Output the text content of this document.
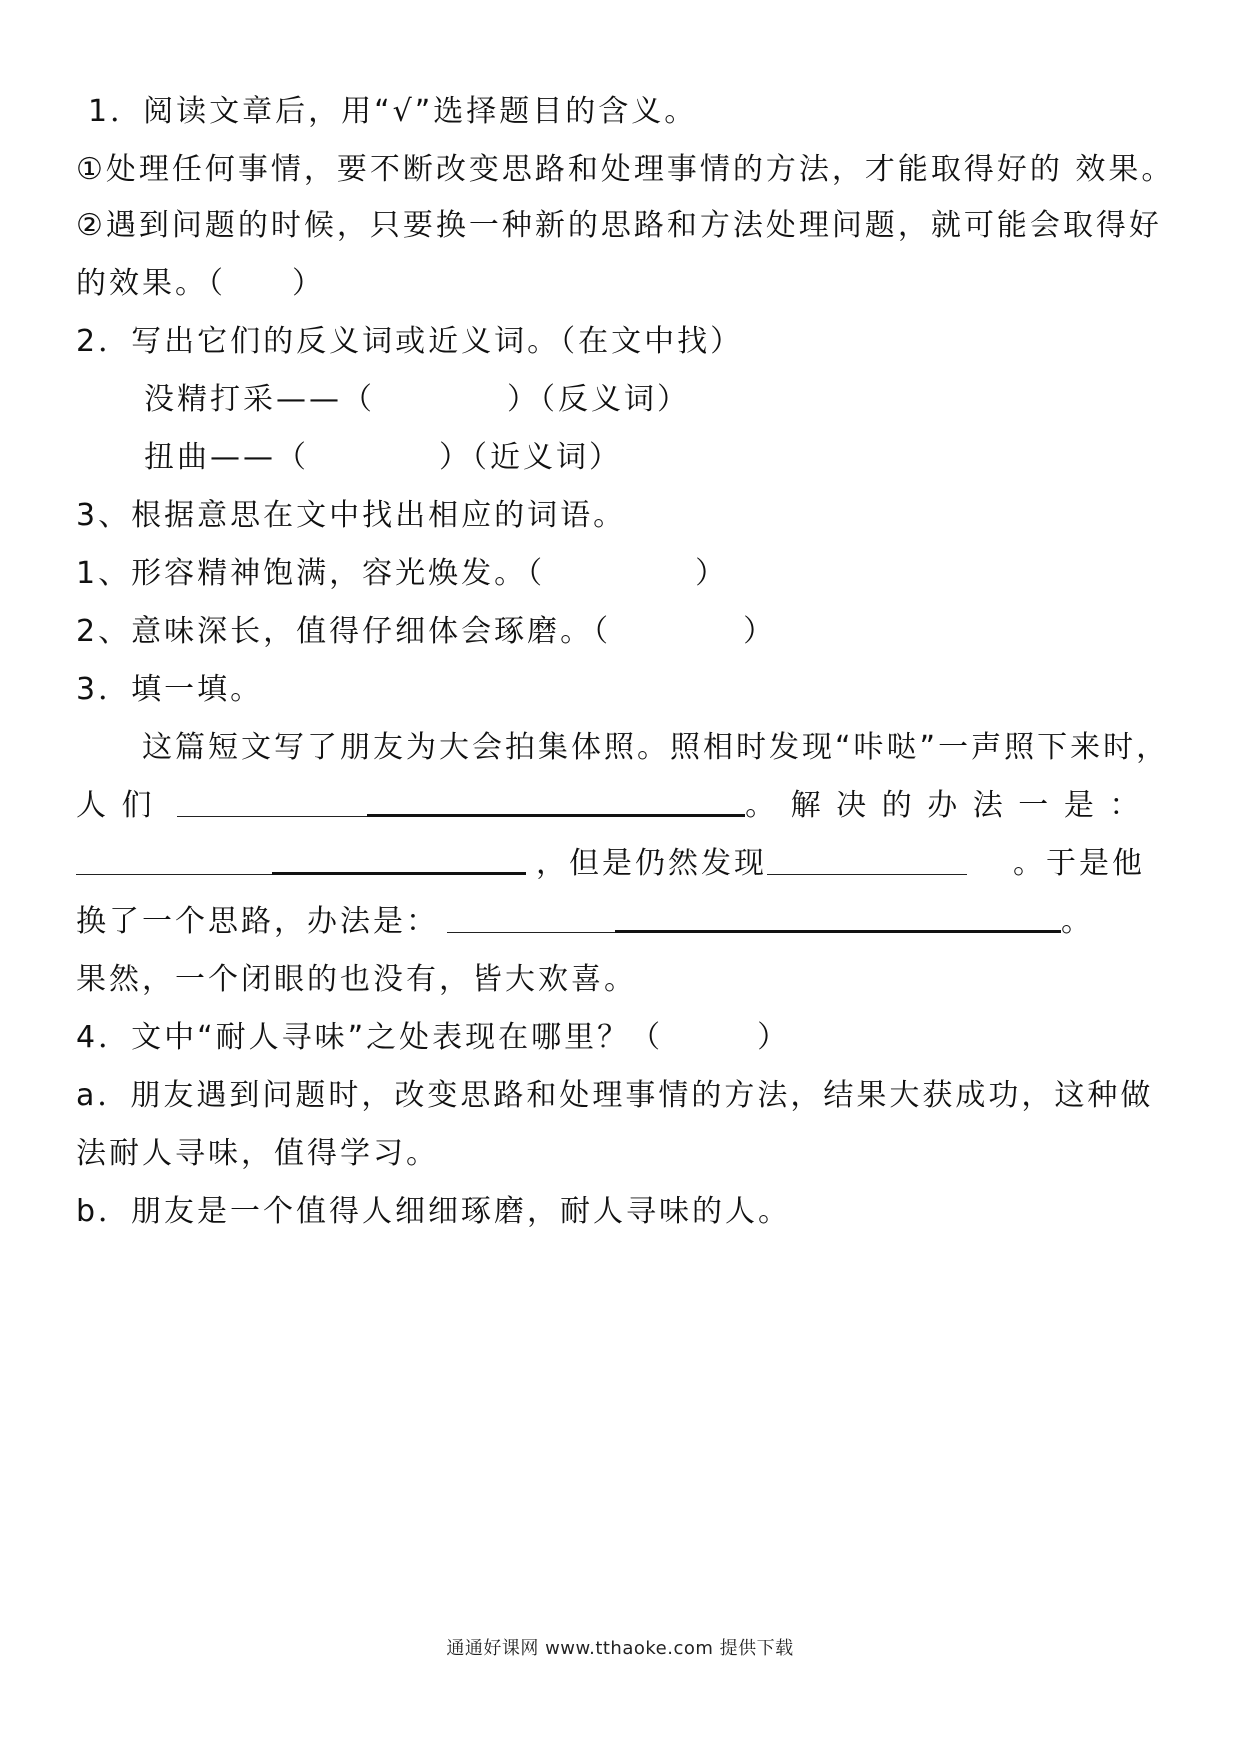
1．阅读文章后，用“√”选择题目的含义。
①处理任何事情，要不断改变思路和处理事情的方法，才能取得好的 效果。
②遇到问题的时候，只要换一种新的思路和方法处理问题，就可能会取得好
的效果。（　　）
2．写出它们的反义词或近义词。（在文中找）
没精打采——（	）（反义词）
扭曲——（	）（近义词）
3、根据意思在文中找出相应的词语。
1、形容精神饱满，容光焕发。（	）
2、意味深长，值得仔细体会琢磨。（	）
3．填一填。
这篇短文写了朋友为大会拍集体照。照相时发现“咔哒”一声照下来时，
人 们	。 解 决 的 办 法 一 是 ：
，但是仍然发现	。于是他
换了一个思路，办法是：	。
果然，一个闭眼的也没有，皆大欢喜。
4．文中“耐人寻味”之处表现在哪里？（	）
a．朋友遇到问题时，改变思路和处理事情的方法，结果大获成功，这种做
法耐人寻味，值得学习。
b．朋友是一个值得人细细琢磨，耐人寻味的人。
通通好课网 www.tthaoke.com 提供下载
